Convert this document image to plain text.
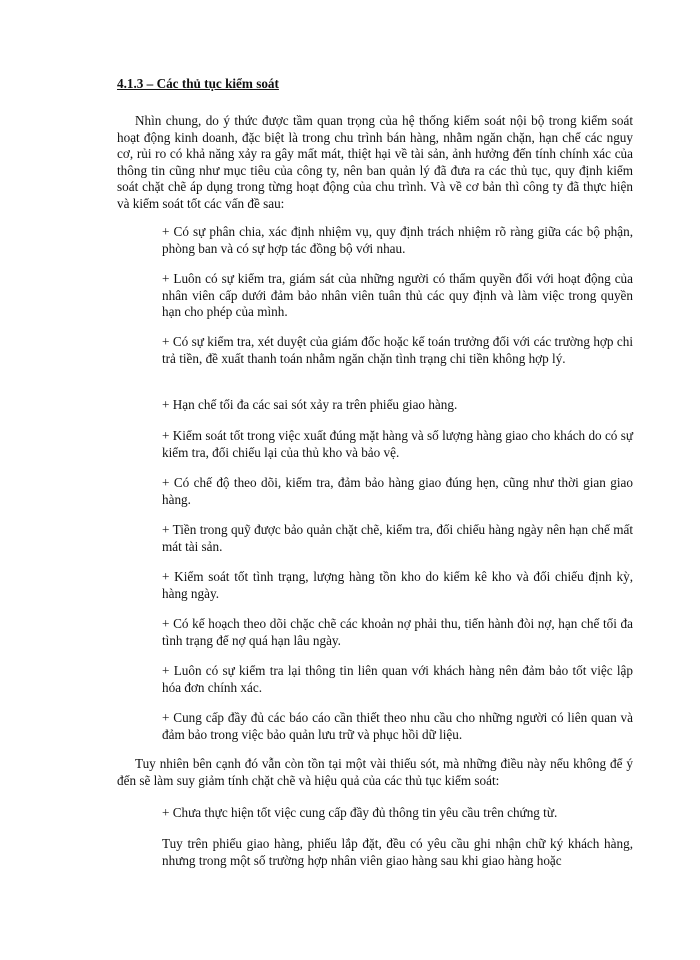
4.1.3 – Các thủ tục kiểm soát
Nhìn chung, do ý thức được tầm quan trọng của hệ thống kiểm soát nội bộ trong kiểm soát hoạt động kinh doanh, đặc biệt là trong chu trình bán hàng, nhằm ngăn chặn, hạn chế các nguy cơ, rủi ro có khả năng xảy ra gây mất mát, thiệt hại về tài sản, ảnh hưởng đến tính chính xác của thông tin cũng như mục tiêu của công ty, nên ban quản lý đã đưa ra các thủ tục, quy định kiểm soát chặt chẽ áp dụng trong từng hoạt động của chu trình. Và về cơ bản thì công ty đã thực hiện và kiểm soát tốt các vấn đề sau:
+ Có sự phân chia, xác định nhiệm vụ, quy định trách nhiệm rõ ràng giữa các bộ phận, phòng ban và có sự hợp tác đồng bộ với nhau.
+ Luôn có sự kiểm tra, giám sát của những người có thẩm quyền đối với hoạt động của nhân viên cấp dưới đảm bảo nhân viên tuân thủ các quy định và làm việc trong quyền hạn cho phép của mình.
+ Có sự kiểm tra, xét duyệt của giám đốc hoặc kế toán trưởng đối với các trường hợp chi trả tiền, đề xuất thanh toán nhằm ngăn chặn tình trạng chi tiền không hợp lý.
+ Hạn chế tối đa các sai sót xảy ra trên phiếu giao hàng.
+ Kiểm soát tốt trong việc xuất đúng mặt hàng và số lượng hàng giao cho khách do có sự kiểm tra, đối chiếu lại của thủ kho và bảo vệ.
+ Có chế độ theo dõi, kiểm tra, đảm bảo hàng giao đúng hẹn, cũng như thời gian giao hàng.
+ Tiền trong quỹ được bảo quản chặt chẽ, kiểm tra, đối chiếu hàng ngày nên hạn chế mất mát tài sản.
+ Kiểm soát tốt tình trạng, lượng hàng tồn kho do kiểm kê kho và đối chiếu định kỳ, hàng ngày.
+ Có kế hoạch theo dõi chặc chẽ các khoản nợ phải thu, tiến hành đòi nợ, hạn chế tối đa tình trạng để nợ quá hạn lâu ngày.
+ Luôn có sự kiểm tra lại thông tin liên quan với khách hàng nên đảm bảo tốt việc lập hóa đơn chính xác.
+ Cung cấp đầy đủ các báo cáo cần thiết theo nhu cầu cho những người có liên quan và đảm bảo trong việc bảo quản lưu trữ và phục hồi dữ liệu.
Tuy nhiên bên cạnh đó vẫn còn tồn tại một vài thiếu sót, mà những điều này nếu không để ý đến sẽ làm suy giảm tính chặt chẽ và hiệu quả của các thủ tục kiểm soát:
+ Chưa thực hiện tốt việc cung cấp đầy đủ thông tin yêu cầu trên chứng từ.
Tuy trên phiếu giao hàng, phiếu lắp đặt, đều có yêu cầu ghi nhận chữ ký khách hàng, nhưng trong một số trường hợp nhân viên giao hàng sau khi giao hàng hoặc
